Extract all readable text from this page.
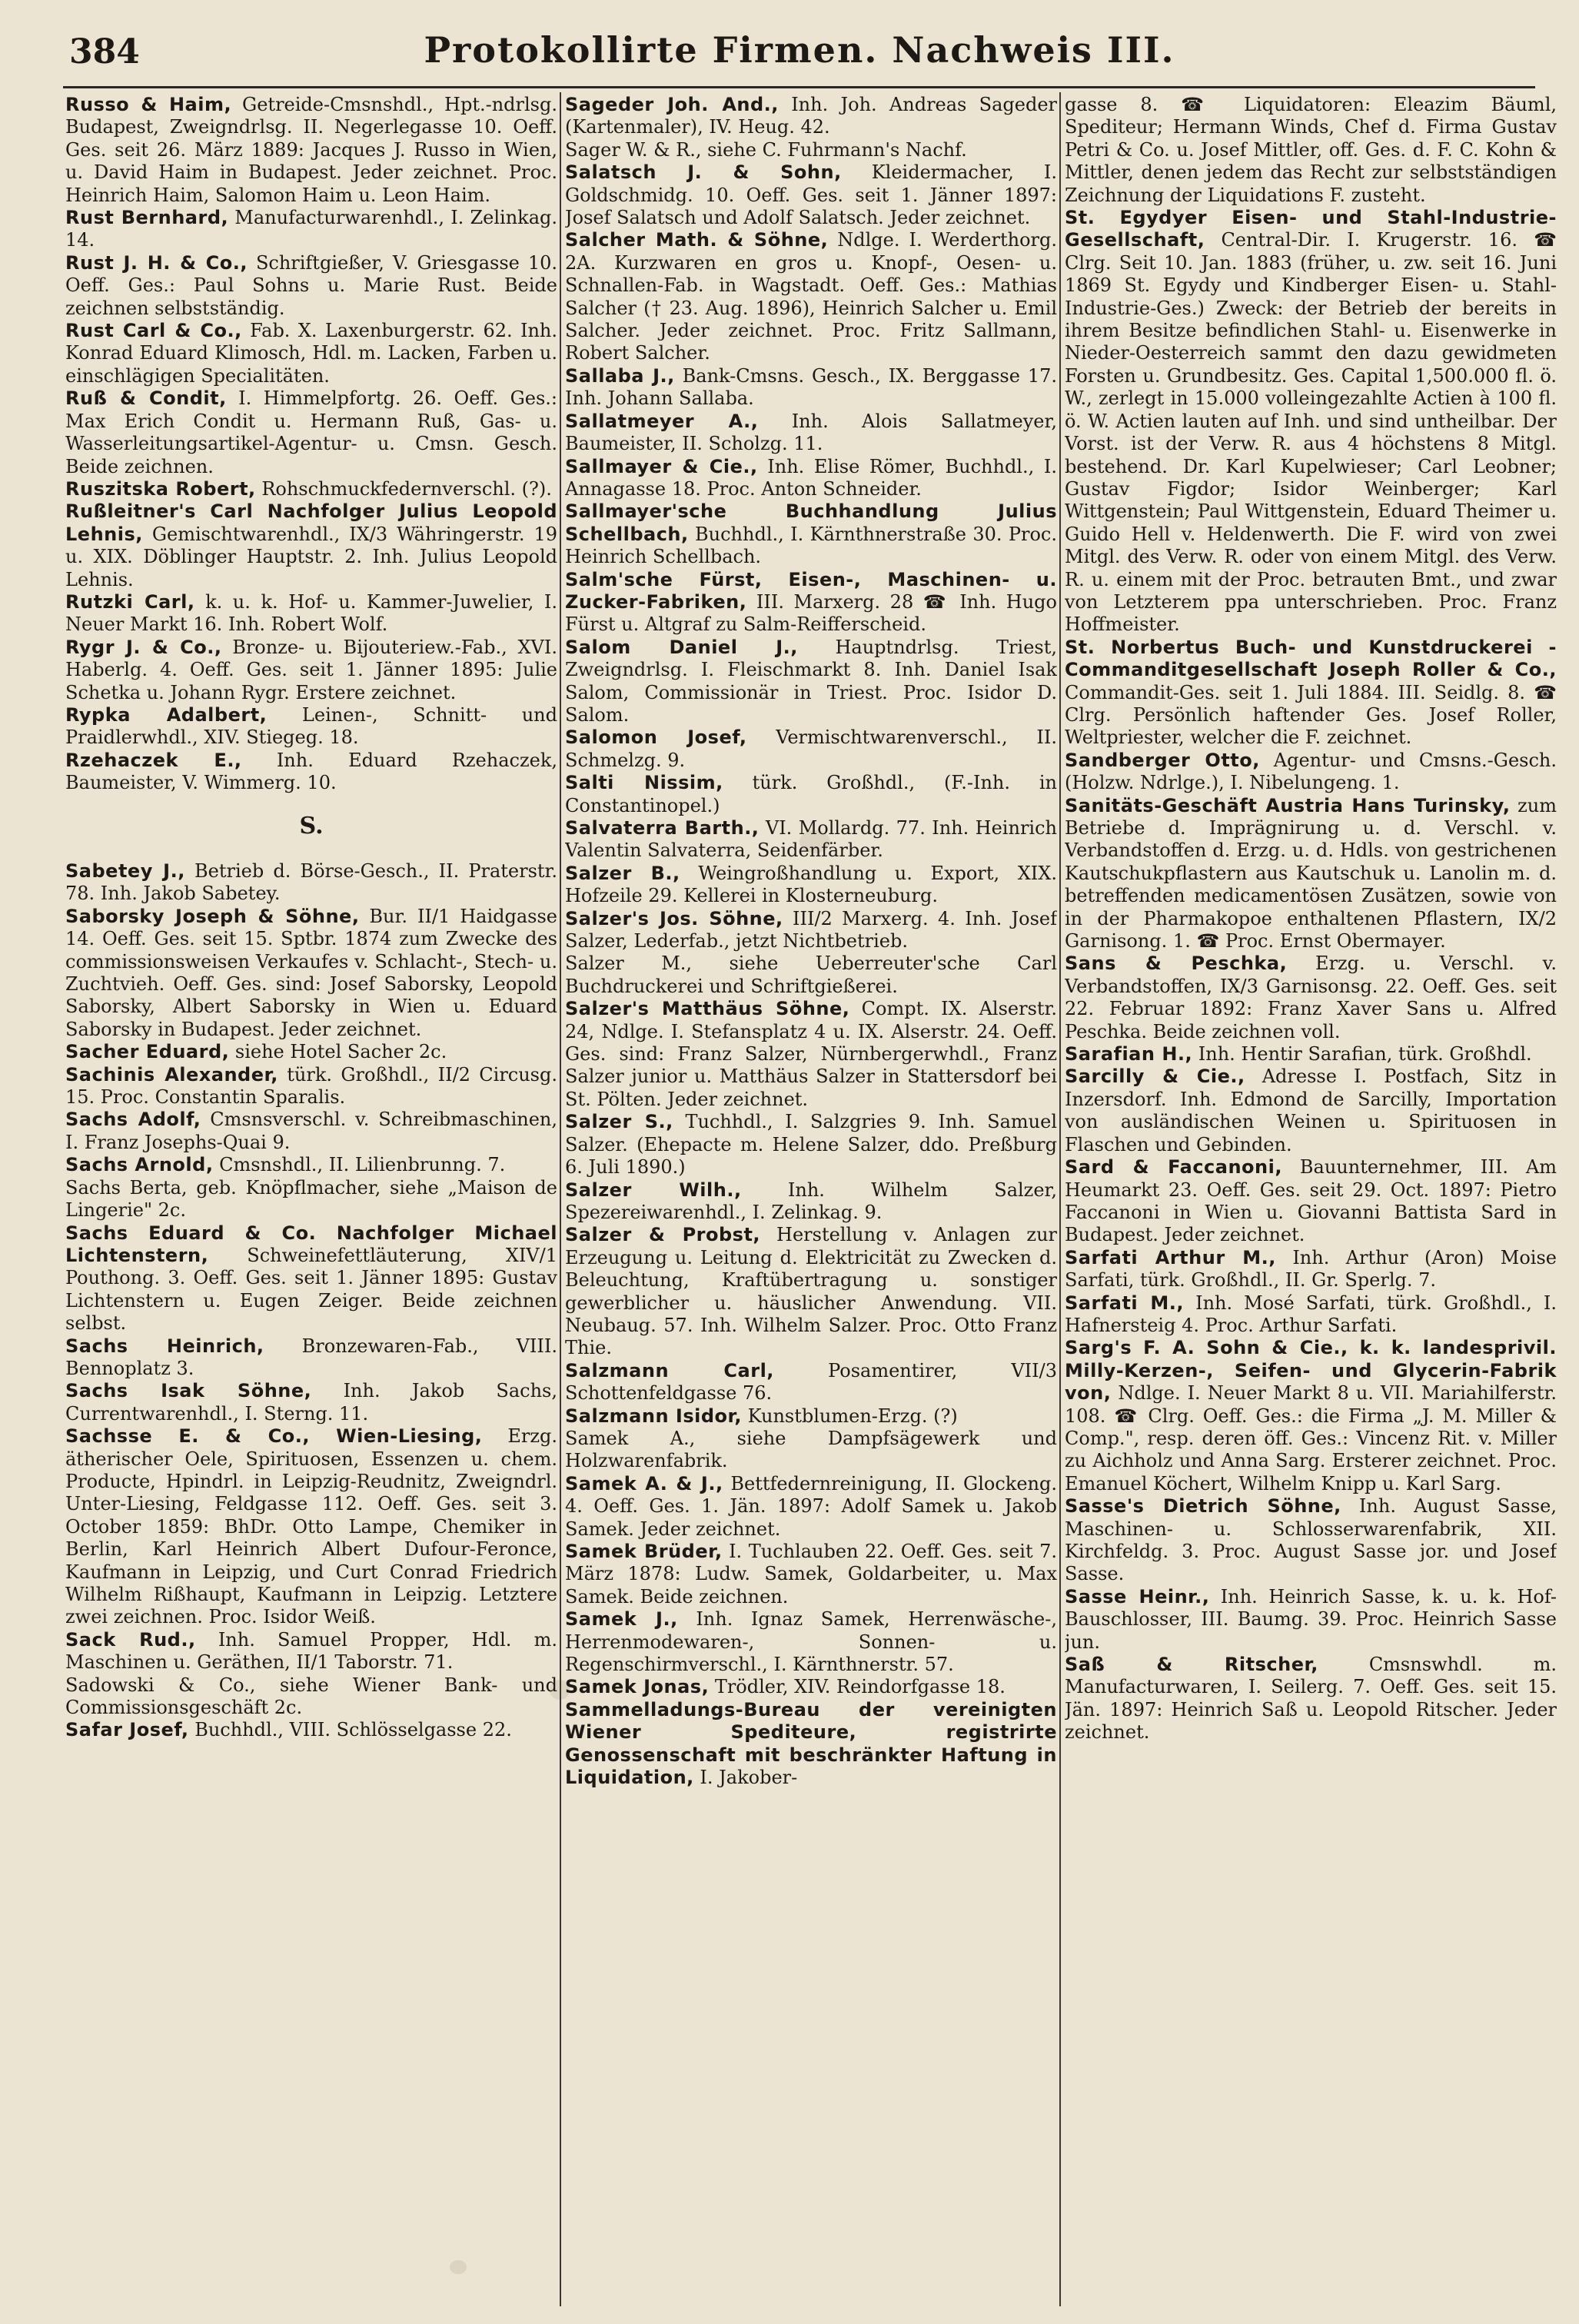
384	Protokollirte Firmen. Nachweis III.
Russo & Haim, Getreide-Cmsnshdl., Hpt.-ndrlsg. Budapest, Zweigndrlsg. II. Negerlegasse 10. Oeff. Ges. seit 26. März 1889: Jacques J. Russo in Wien, u. David Haim in Budapest. Jeder zeichnet. Proc. Heinrich Haim, Salomon Haim u. Leon Haim.
Rust Bernhard, Manufacturwarenhdl., I. Zelinkag. 14.
Rust J. H. & Co., Schriftgießer, V. Griesgasse 10. Oeff. Ges.: Paul Sohns u. Marie Rust. Beide zeichnen selbstständig.
Rust Carl & Co., Fab. X. Laxenburgerstr. 62. Inh. Konrad Eduard Klimosch, Hdl. m. Lacken, Farben u. einschlägigen Specialitäten.
Ruß & Condit, I. Himmelpfortg. 26. Oeff. Ges.: Max Erich Condit u. Hermann Ruß, Gas- u. Wasserleitungsartikel-Agentur- u. Cmsn. Gesch. Beide zeichnen.
Ruszitska Robert, Rohschmuckfedernverschl. (?).
Rußleitner's Carl Nachfolger Julius Leopold Lehnis, Gemischtwarenhdl., IX/3 Währingerstr. 19 u. XIX. Döblinger Hauptstr. 2. Inh. Julius Leopold Lehnis.
Rutzki Carl, k. u. k. Hof- u. Kammer-Juwelier, I. Neuer Markt 16. Inh. Robert Wolf.
Rygr J. & Co., Bronze- u. Bijouteriew.-Fab., XVI. Haberlg. 4. Oeff. Ges. seit 1. Jänner 1895: Julie Schetka u. Johann Rygr. Erstere zeichnet.
Rypka Adalbert, Leinen-, Schnitt- und Praidlerwhdl., XIV. Stiegeg. 18.
Rzehaczek E., Inh. Eduard Rzehaczek, Baumeister, V. Wimmerg. 10.
S.
Sabetey J., Betrieb d. Börse-Gesch., II. Praterstr. 78. Inh. Jakob Sabetey.
Saborsky Joseph & Söhne, Bur. II/1 Haidgasse 14. Oeff. Ges. seit 15. Sptbr. 1874 zum Zwecke des commissionsweisen Verkaufes v. Schlacht-, Stech- u. Zuchtvieh. Oeff. Ges. sind: Josef Saborsky, Leopold Saborsky, Albert Saborsky in Wien u. Eduard Saborsky in Budapest. Jeder zeichnet.
Sacher Eduard, siehe Hotel Sacher 2c.
Sachinis Alexander, türk. Großhdl., II/2 Circusg. 15. Proc. Constantin Sparalis.
Sachs Adolf, Cmsnsverschl. v. Schreibmaschinen, I. Franz Josephs-Quai 9.
Sachs Arnold, Cmsnshdl., II. Lilienbrunng. 7.
Sachs Berta, geb. Knöpflmacher, siehe „Maison de Lingerie" 2c.
Sachs Eduard & Co. Nachfolger Michael Lichtenstern, Schweinefettläuterung, XIV/1 Pouthong. 3. Oeff. Ges. seit 1. Jänner 1895: Gustav Lichtenstern u. Eugen Zeiger. Beide zeichnen selbst.
Sachs Heinrich, Bronzewaren-Fab., VIII. Bennoplatz 3.
Sachs Isak Söhne, Inh. Jakob Sachs, Currentwarenhdl., I. Sterng. 11.
Sachsse E. & Co., Wien-Liesing, Erzg. ätherischer Oele, Spirituosen, Essenzen u. chem. Producte, Hpindrl. in Leipzig-Reudnitz, Zweigndrl. Unter-Liesing, Feldgasse 112. Oeff. Ges. seit 3. October 1859: BhDr. Otto Lampe, Chemiker in Berlin, Karl Heinrich Albert Dufour-Feronce, Kaufmann in Leipzig, und Curt Conrad Friedrich Wilhelm Rißhaupt, Kaufmann in Leipzig. Letztere zwei zeichnen. Proc. Isidor Weiß.
Sack Rud., Inh. Samuel Propper, Hdl. m. Maschinen u. Geräthen, II/1 Taborstr. 71.
Sadowski & Co., siehe Wiener Bank- und Commissionsgeschäft 2c.
Safar Josef, Buchhdl., VIII. Schlösselgasse 22.
Sageder Joh. And., Inh. Joh. Andreas Sageder (Kartenmaler), IV. Heug. 42.
Sager W. & R., siehe C. Fuhrmann's Nachf.
Salatsch J. & Sohn, Kleidermacher, I. Goldschmidg. 10. Oeff. Ges. seit 1. Jänner 1897: Josef Salatsch und Adolf Salatsch. Jeder zeichnet.
Salcher Math. & Söhne, Ndlge. I. Werderthorg. 2A. Kurzwaren en gros u. Knopf-, Oesen- u. Schnallen-Fab. in Wagstadt. Oeff. Ges.: Mathias Salcher († 23. Aug. 1896), Heinrich Salcher u. Emil Salcher. Jeder zeichnet. Proc. Fritz Sallmann, Robert Salcher.
Sallaba J., Bank-Cmsns. Gesch., IX. Berggasse 17. Inh. Johann Sallaba.
Sallatmeyer A., Inh. Alois Sallatmeyer, Baumeister, II. Scholzg. 11.
Sallmayer & Cie., Inh. Elise Römer, Buchhdl., I. Annagasse 18. Proc. Anton Schneider.
Sallmayer'sche Buchhandlung Julius Schellbach, Buchhdl., I. Kärnthnerstraße 30. Proc. Heinrich Schellbach.
Salm'sche Fürst, Eisen-, Maschinen- u. Zucker-Fabriken, III. Marxerg. 28 ☎ Inh. Hugo Fürst u. Altgraf zu Salm-Reifferscheid.
Salom Daniel J., Hauptndrlsg. Triest, Zweigndrlsg. I. Fleischmarkt 8. Inh. Daniel Isak Salom, Commissionär in Triest. Proc. Isidor D. Salom.
Salomon Josef, Vermischtwarenverschl., II. Schmelzg. 9.
Salti Nissim, türk. Großhdl., (F.-Inh. in Constantinopel.)
Salvaterra Barth., VI. Mollardg. 77. Inh. Heinrich Valentin Salvaterra, Seidenfärber.
Salzer B., Weingroßhandlung u. Export, XIX. Hofzeile 29. Kellerei in Klosterneuburg.
Salzer's Jos. Söhne, III/2 Marxerg. 4. Inh. Josef Salzer, Lederfab., jetzt Nichtbetrieb.
Salzer M., siehe Ueberreuter'sche Carl Buchdruckerei und Schriftgießerei.
Salzer's Matthäus Söhne, Compt. IX. Alserstr. 24, Ndlge. I. Stefansplatz 4 u. IX. Alserstr. 24. Oeff. Ges. sind: Franz Salzer, Nürnbergerwhdl., Franz Salzer junior u. Matthäus Salzer in Stattersdorf bei St. Pölten. Jeder zeichnet.
Salzer S., Tuchhdl., I. Salzgries 9. Inh. Samuel Salzer. (Ehepacte m. Helene Salzer, ddo. Preßburg 6. Juli 1890.)
Salzer Wilh.,	Inh. Wilhelm Salzer, Spezereiwarenhdl., I. Zelinkag. 9.
Salzer & Probst, Herstellung v. Anlagen zur Erzeugung u. Leitung d. Elektricität zu Zwecken d. Beleuchtung, Kraftübertragung u. sonstiger gewerblicher u. häuslicher Anwendung. VII. Neubaug. 57. Inh. Wilhelm Salzer. Proc. Otto Franz Thie.
Salzmann Carl,	Posamentirer, VII/3 Schottenfeldgasse 76.
Salzmann Isidor, Kunstblumen-Erzg. (?)
Samek A., siehe Dampfsägewerk und Holzwarenfabrik.
Samek A. & J., Bettfedernreinigung, II. Glockeng. 4. Oeff. Ges. 1. Jän. 1897: Adolf Samek u. Jakob Samek. Jeder zeichnet.
Samek Brüder, I. Tuchlauben 22. Oeff. Ges. seit 7. März 1878: Ludw. Samek, Goldarbeiter, u. Max Samek. Beide zeichnen.
Samek J., Inh. Ignaz Samek, Herrenwäsche-, Herrenmodewaren-, Sonnen- u. Regenschirmverschl., I. Kärnthnerstr. 57.
Samek Jonas, Trödler, XIV. Reindorfgasse 18.
Sammelladungs-Bureau der vereinigten Wiener Spediteure, registrirte Genossenschaft mit beschränkter Haftung in Liquidation, I. Jakober-
gasse 8. ☎ Liquidatoren: Eleazim Bäuml, Spediteur; Hermann Winds, Chef d. Firma Gustav Petri & Co. u. Josef Mittler, off. Ges. d. F. C. Kohn & Mittler, denen jedem das Recht zur selbstständigen Zeichnung der Liquidations F. zusteht.
St. Egydyer Eisen- und Stahl-Industrie-Gesellschaft, Central-Dir. I. Krugerstr. 16. ☎ Clrg. Seit 10. Jan. 1883 (früher, u. zw. seit 16. Juni 1869 St. Egydy und Kindberger Eisen- u. Stahl-Industrie-Ges.) Zweck: der Betrieb der bereits in ihrem Besitze befindlichen Stahl- u. Eisenwerke in Nieder-Oesterreich sammt den dazu gewidmeten Forsten u. Grundbesitz. Ges. Capital 1,500.000 fl. ö. W., zerlegt in 15.000 volleingezahlte Actien à 100 fl. ö. W. Actien lauten auf Inh. und sind untheilbar. Der Vorst. ist der Verw. R. aus 4 höchstens 8 Mitgl. bestehend. Dr. Karl Kupelwieser; Carl Leobner; Gustav Figdor; Isidor Weinberger; Karl Wittgenstein; Paul Wittgenstein, Eduard Theimer u. Guido Hell v. Heldenwerth. Die F. wird von zwei Mitgl. des Verw. R. oder von einem Mitgl. des Verw. R. u. einem mit der Proc. betrauten Bmt., und zwar von Letzterem ppa unterschrieben. Proc. Franz Hoffmeister.
St. Norbertus Buch- und Kunstdruckerei - Commanditgesellschaft Joseph Roller & Co., Commandit-Ges. seit 1. Juli 1884. III. Seidlg. 8. ☎ Clrg. Persönlich haftender Ges. Josef Roller, Weltpriester, welcher die F. zeichnet.
Sandberger Otto, Agentur- und Cmsns.-Gesch. (Holzw. Ndrlge.), I. Nibelungeng. 1.
Sanitäts-Geschäft Austria Hans Turinsky, zum Betriebe d. Imprägnirung u. d. Verschl. v. Verbandstoffen d. Erzg. u. d. Hdls. von gestrichenen Kautschukpflastern aus Kautschuk u. Lanolin m. d. betreffenden medicamentösen Zusätzen, sowie von in der Pharmakopoe enthaltenen Pflastern, IX/2 Garnisong. 1. ☎ Proc. Ernst Obermayer.
Sans & Peschka, Erzg. u. Verschl. v. Verbandstoffen, IX/3 Garnisonsg. 22. Oeff. Ges. seit 22. Februar 1892: Franz Xaver Sans u. Alfred Peschka. Beide zeichnen voll.
Sarafian H., Inh. Hentir Sarafian, türk. Großhdl.
Sarcilly & Cie., Adresse I. Postfach, Sitz in Inzersdorf. Inh. Edmond de Sarcilly, Importation von ausländischen Weinen u. Spirituosen in Flaschen und Gebinden.
Sard & Faccanoni, Bauunternehmer, III. Am Heumarkt 23. Oeff. Ges. seit 29. Oct. 1897: Pietro Faccanoni in Wien u. Giovanni Battista Sard in Budapest. Jeder zeichnet.
Sarfati Arthur M., Inh. Arthur (Aron) Moise Sarfati, türk. Großhdl., II. Gr. Sperlg. 7.
Sarfati M., Inh. Mosé Sarfati, türk. Großhdl., I. Hafnersteig 4. Proc. Arthur Sarfati.
Sarg's F. A. Sohn & Cie., k. k. landesprivil. Milly-Kerzen-, Seifen- und Glycerin-Fabrik von, Ndlge. I. Neuer Markt 8 u. VII. Mariahilferstr. 108. ☎ Clrg. Oeff. Ges.: die Firma „J. M. Miller & Comp.", resp. deren öff. Ges.: Vincenz Rit. v. Miller zu Aichholz und Anna Sarg. Ersterer zeichnet. Proc. Emanuel Köchert, Wilhelm Knipp u. Karl Sarg.
Sasse's Dietrich Söhne, Inh. August Sasse, Maschinen- u. Schlosserwarenfabrik, XII. Kirchfeldg. 3. Proc. August Sasse jor. und Josef Sasse.
Sasse Heinr., Inh. Heinrich Sasse, k. u. k. Hof-Bauschlosser, III. Baumg. 39. Proc. Heinrich Sasse jun.
Saß & Ritscher,	Cmsnswhdl. m. Manufacturwaren, I. Seilerg. 7. Oeff. Ges. seit 15. Jän. 1897: Heinrich Saß u. Leopold Ritscher. Jeder zeichnet.
